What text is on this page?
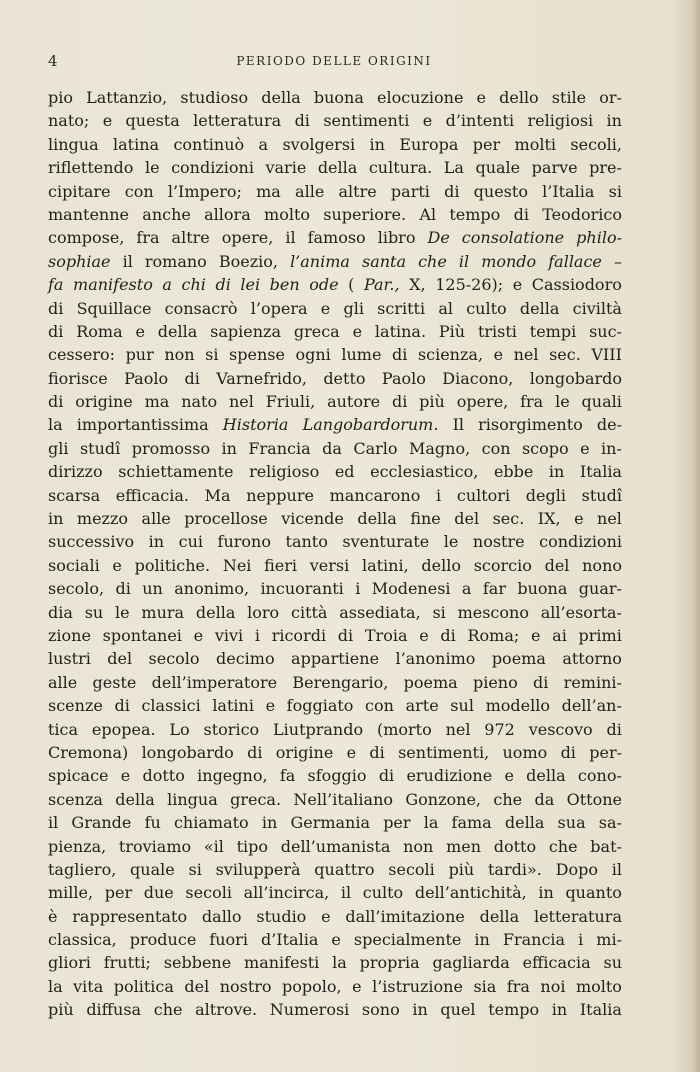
4	PERIODO DELLE ORIGINI
pio Lattanzio, studioso della buona elocuzione e dello stile or-
nato; e questa letteratura di sentimenti e d’intenti religiosi in
lingua latina continuò a svolgersi in Europa per molti secoli,
riflettendo le condizioni varie della cultura. La quale parve pre-
cipitare con l’Impero; ma alle altre parti di questo l’Italia si
mantenne anche allora molto superiore. Al tempo di Teodorico
compose, fra altre opere, il famoso libro De consolatione philo-
sophiae il romano Boezio, l’anima santa che il mondo fallace –
fa manifesto a chi di lei ben ode ( Par., X, 125-26); e Cassiodoro
di Squillace consacrò l’opera e gli scritti al culto della civiltà
di Roma e della sapienza greca e latina. Più tristi tempi suc-
cessero: pur non si spense ogni lume di scienza, e nel sec. VIII
fiorisce Paolo di Varnefrido, detto Paolo Diacono, longobardo
di origine ma nato nel Friuli, autore di più opere, fra le quali
la importantissima Historia Langobardorum. Il risorgimento de-
gli studî promosso in Francia da Carlo Magno, con scopo e in-
dirizzo schiettamente religioso ed ecclesiastico, ebbe in Italia
scarsa efficacia. Ma neppure mancarono i cultori degli studî
in mezzo alle procellose vicende della fine del sec. IX, e nel
successivo in cui furono tanto sventurate le nostre condizioni
sociali e politiche. Nei fieri versi latini, dello scorcio del nono
secolo, di un anonimo, incuoranti i Modenesi a far buona guar-
dia su le mura della loro città assediata, si mescono all’esorta-
zione spontanei e vivi i ricordi di Troia e di Roma; e ai primi
lustri del secolo decimo appartiene l’anonimo poema attorno
alle geste dell’imperatore Berengario, poema pieno di remini-
scenze di classici latini e foggiato con arte sul modello dell’an-
tica epopea. Lo storico Liutprando (morto nel 972 vescovo di
Cremona) longobardo di origine e di sentimenti, uomo di per-
spicace e dotto ingegno, fa sfoggio di erudizione e della cono-
scenza della lingua greca. Nell’italiano Gonzone, che da Ottone
il Grande fu chiamato in Germania per la fama della sua sa-
pienza, troviamo «il tipo dell’umanista non men dotto che bat-
tagliero, quale si svilupperà quattro secoli più tardi». Dopo il
mille, per due secoli all’incirca, il culto dell’antichità, in quanto
è rappresentato dallo studio e dall’imitazione della letteratura
classica, produce fuori d’Italia e specialmente in Francia i mi-
gliori frutti; sebbene manifesti la propria gagliarda efficacia su
la vita politica del nostro popolo, e l’istruzione sia fra noi molto
più diffusa che altrove. Numerosi sono in quel tempo in Italia
